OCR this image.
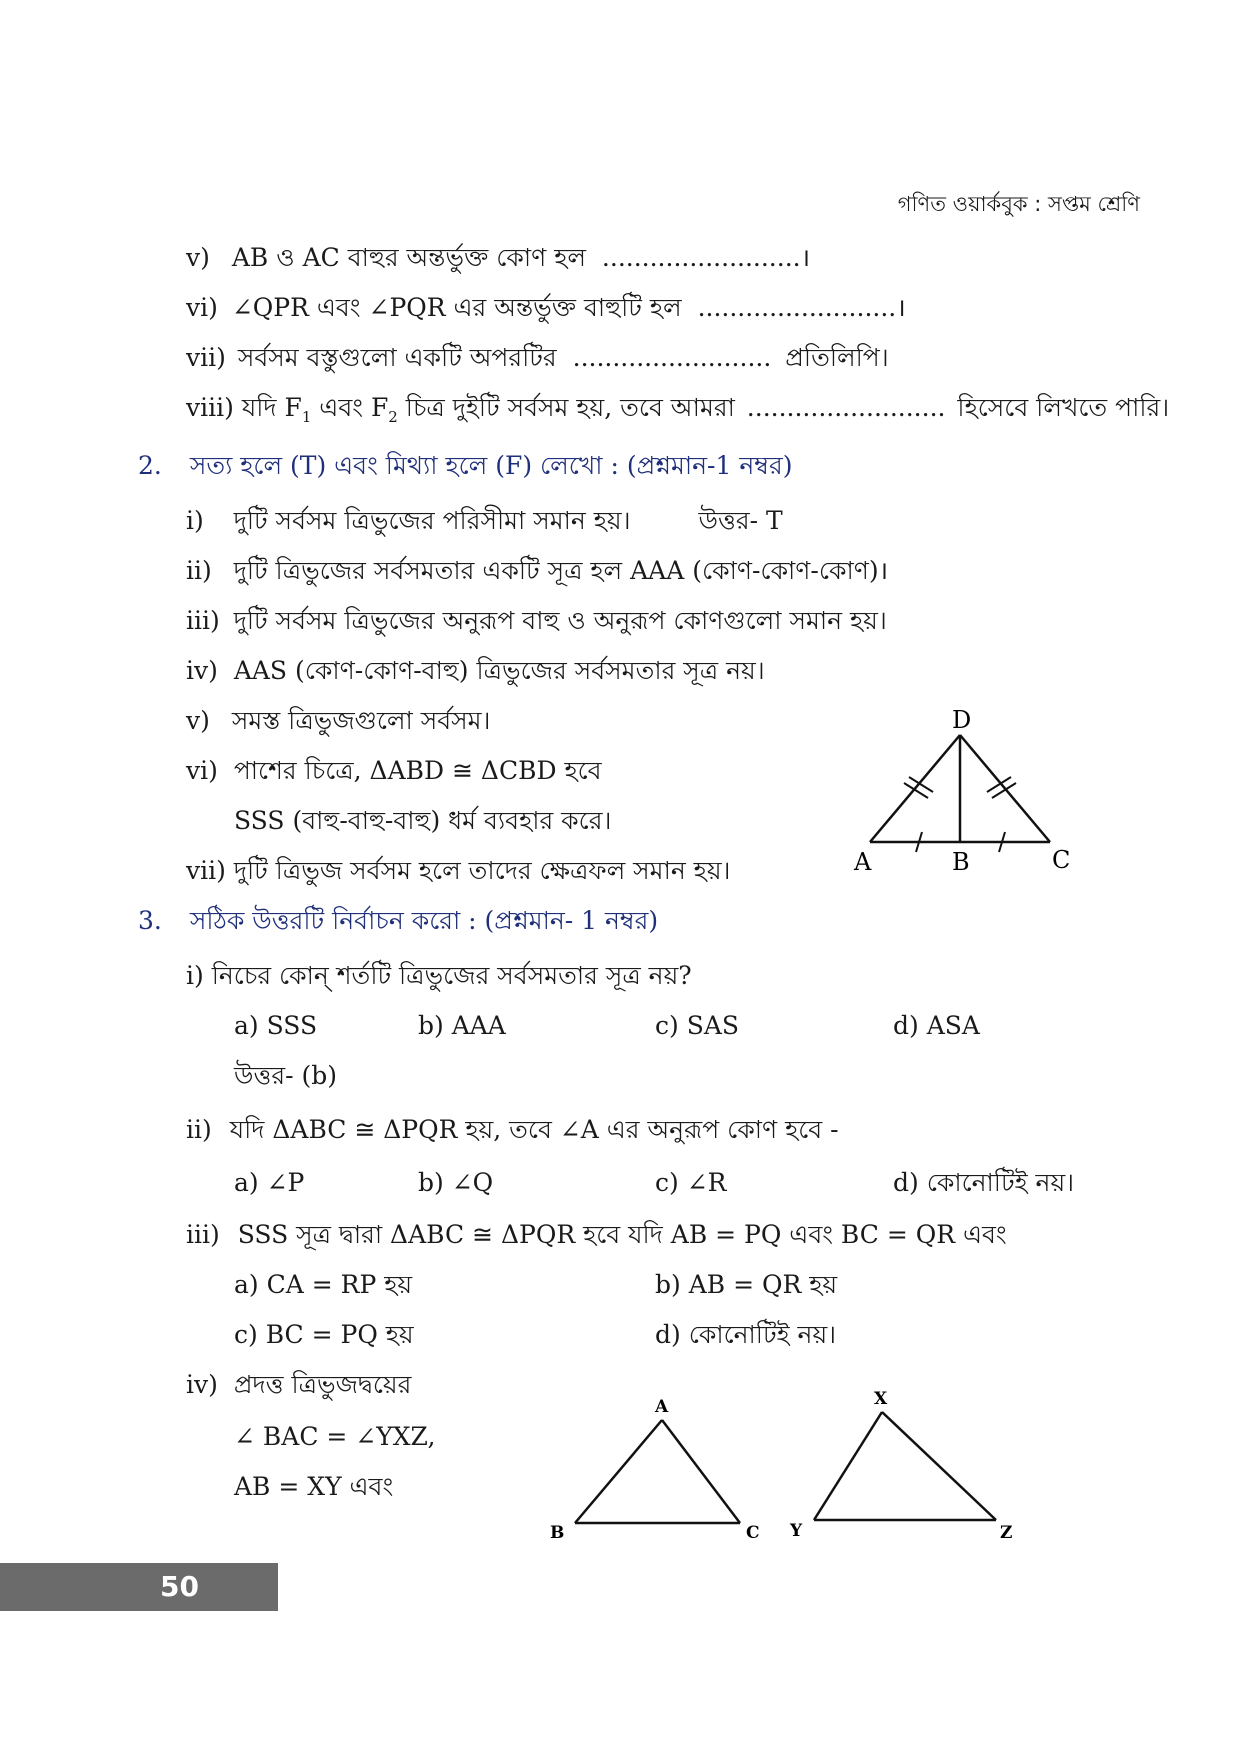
গণিত ওয়ার্কবুক : সপ্তম শ্রেণি
v) AB ও AC বাহুর অন্তর্ভুক্ত কোণ হল .........................।
vi) ∠QPR এবং ∠PQR এর অন্তর্ভুক্ত বাহুটি হল .........................।
vii) সর্বসম বস্তুগুলো একটি অপরটির ......................... প্রতিলিপি।
viii) যদি $F_1$ এবং $F_2$ চিত্র দুইটি সর্বসম হয়, তবে আমরা ......................... হিসেবে লিখতে পারি।
2. সত্য হলে (T) এবং মিথ্যা হলে (F) লেখো : (প্রশ্নমান-1 নম্বর)
i) দুটি সর্বসম ত্রিভুজের পরিসীমা সমান হয়।	উত্তর- T
ii) দুটি ত্রিভুজের সর্বসমতার একটি সূত্র হল AAA (কোণ-কোণ-কোণ)।
iii) দুটি সর্বসম ত্রিভুজের অনুরূপ বাহু ও অনুরূপ কোণগুলো সমান হয়।
iv) AAS (কোণ-কোণ-বাহু) ত্রিভুজের সর্বসমতার সূত্র নয়।
v) সমস্ত ত্রিভুজগুলো সর্বসম।
vi) পাশের চিত্রে, ΔABD ≅ ΔCBD হবে
SSS (বাহু-বাহু-বাহু) ধর্ম ব্যবহার করে।
vii) দুটি ত্রিভুজ সর্বসম হলে তাদের ক্ষেত্রফল সমান হয়।
D
A	B	C
3. সঠিক উত্তরটি নির্বাচন করো : (প্রশ্নমান- 1 নম্বর)
i) নিচের কোন্ শর্তটি ত্রিভুজের সর্বসমতার সূত্র নয়?
a) SSS	b) AAA	c) SAS	d) ASA
উত্তর- (b)
ii) যদি ΔABC ≅ ΔPQR হয়, তবে ∠A এর অনুরূপ কোণ হবে -
a) ∠P	b) ∠Q	c) ∠R	d) কোনোটিই নয়।
iii) SSS সূত্র দ্বারা ΔABC ≅ ΔPQR হবে যদি AB = PQ এবং BC = QR এবং
a) CA = RP হয়	b) AB = QR হয়
c) BC = PQ হয়	d) কোনোটিই নয়।
iv) প্রদত্ত ত্রিভুজদ্বয়ের
∠ BAC = ∠YXZ,
AB = XY এবং
A
B	C
X
Y	Z
50
